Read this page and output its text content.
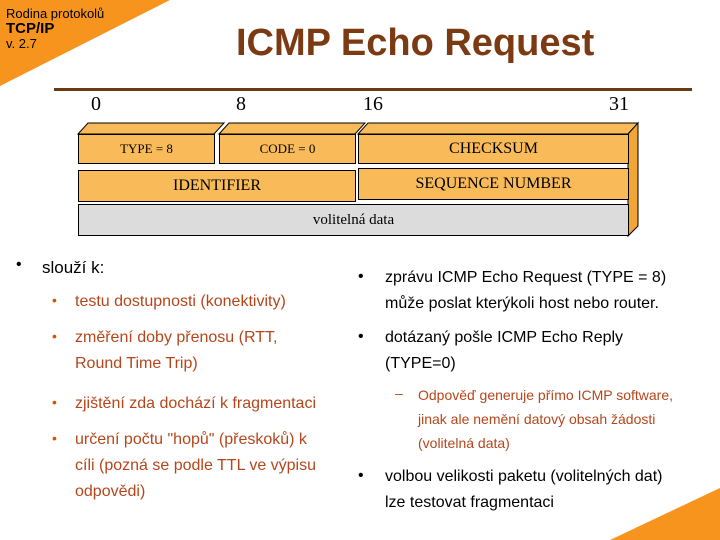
Rodina protokolů
TCP/IP
v. 2.7	ICMP Echo Request
0	8	16	31
TYPE = 8	CODE = 0	CHECKSUM
IDENTIFIER	SEQUENCE NUMBER
volitelná data
• slouží k:
• testu dostupnosti (konektivity)
• změření doby přenosu (RTT,
Round Time Trip)
• zjištění zda dochází k fragmentaci
• určení počtu "hopů" (přeskoků) k
cíli (pozná se podle TTL ve výpisu
odpovědi)
• zprávu ICMP Echo Request (TYPE = 8)
může poslat kterýkoli host nebo router.
• dotázaný pošle ICMP Echo Reply
(TYPE=0)
– Odpověď generuje přímo ICMP software,
jinak ale nemění datový obsah žádosti
(volitelná data)
• volbou velikosti paketu (volitelných dat)
lze testovat fragmentaci
